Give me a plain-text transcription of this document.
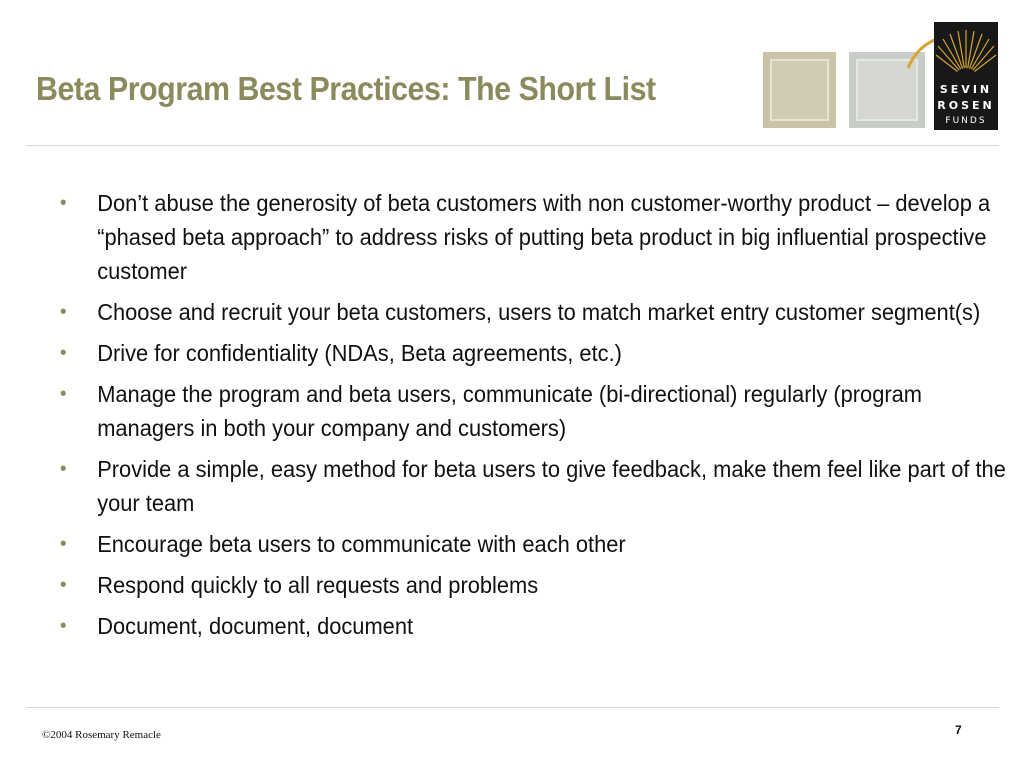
Beta Program Best Practices: The Short List	SEVIN
ROSEN
FUNDS
• Don’t abuse the generosity of beta customers with non customer-worthy product – develop a “phased beta approach” to address risks of putting beta product in big influential prospective customer
• Choose and recruit your beta customers, users to match market entry customer segment(s)
• Drive for confidentiality (NDAs, Beta agreements, etc.)
• Manage the program and beta users, communicate (bi-directional) regularly (program managers in both your company and customers)
• Provide a simple, easy method for beta users to give feedback, make them feel like part of the your team
• Encourage beta users to communicate with each other
• Respond quickly to all requests and problems
• Document, document, document
©2004 Rosemary Remacle	7
